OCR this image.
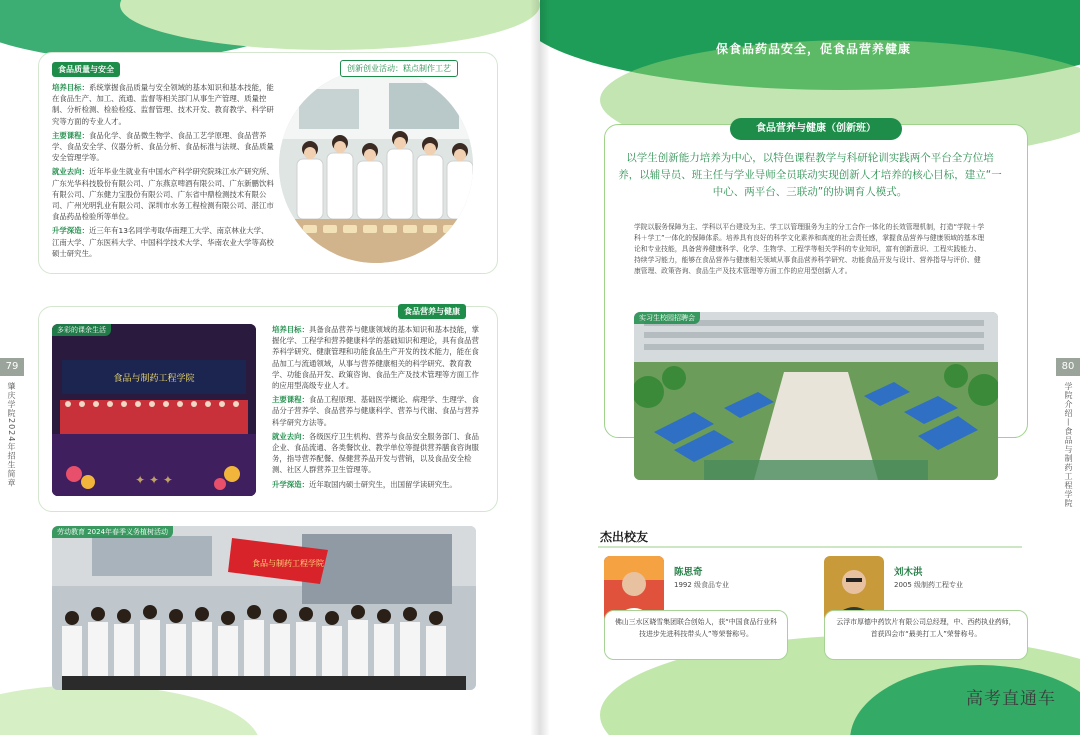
79
肇庆学院2024年招生简章
食品质量与安全

培养目标：系统掌握食品质量与安全领域的基本知识和基本技能，能在食品生产、加工、流通、监督等相关部门从事生产管理、质量控制、分析检测、检验检疫、监督管理、技术开发、教育教学、科学研究等方面的专业人才。

主要课程：食品化学、食品微生物学、食品工艺学原理、食品营养学、食品安全学、仪器分析、食品分析、食品标准与法规、食品质量安全管理学等。

就业去向：近年毕业生就业有中国水产科学研究院珠江水产研究所、广东光华科技股份有限公司、广东燕京啤酒有限公司、广东新鹏饮料有限公司、广东健力宝股份有限公司、广东省中鼎检测技术有限公司、广州光明乳业有限公司、深圳市水务工程检测有限公司、湛江市食品药品检验所等单位。

升学深造：近三年有13名同学考取华南理工大学、南京林业大学、江南大学、广东医科大学、中国科学技术大学、华南农业大学等高校硕士研究生。

创新创业活动：糕点制作工艺
食品营养与健康
食品与制药工程学院
✦ ✦ ✦
多彩的课余生活	培养目标：具备食品营养与健康领域的基本知识和基本技能，掌握化学、工程学和营养健康科学的基础知识和理论，具有食品营养科学研究、健康管理和功能食品生产开发的技术能力，能在食品加工与流通领域，从事与营养健康相关的科学研究、教育教学、功能食品开发、政策咨询、食品生产及技术管理等方面工作的应用型高级专业人才。

主要课程：食品工程原理、基础医学概论、病理学、生理学、食品分子营养学、食品营养与健康科学、营养与代谢、食品与营养科学研究方法等。

就业去向：各级医疗卫生机构、营养与食品安全服务部门、食品企业、食品流通、各类餐饮业、教学单位等提供营养膳食咨询服务，指导营养配餐、保健营养品开发与营销，以及食品安全检测、社区人群营养卫生管理等。

升学深造：近年取国内硕士研究生，出国留学读研究生。

食品与制药工程学院
劳动教育 2024年春季义务植树活动
保食品药品安全，促食品营养健康
80
学院介绍—食品与制药工程学院
食品营养与健康（创新班）
以学生创新能力培养为中心，以特色课程教学与科研轮训实践两个平台全方位培养，以辅导员、班主任与学业导师全员联动实现创新人才培养的核心目标，建立“一中心、两平台、三联动”的协调育人模式。
学院以服务保障为主、学科以平台建设为主、学工以管理服务为主的分工合作一体化的长效管理机制，打造“学院＋学科＋学工”一体化的保障体系。培养具有良好的科学文化素养和高度的社会责任感，掌握食品营养与健康领域的基本理论和专业技能，具备营养健康科学、化学、生物学、工程学等相关学科的专业知识，富有创新意识、工程实践能力、持续学习能力，能够在食品营养与健康相关领域从事食品营养科学研究、功能食品开发与设计、营养指导与评价、健康管理、政策咨询、食品生产及技术管理等方面工作的应用型创新人才。
实习生校园招聘会
杰出校友
陈思奇
1992 级食品专业
佛山三水区晓雪集团联合创始人，获“中国食品行业科技进步先进科技带头人”等荣誉称号。
刘木洪
2005 级制药工程专业
云浮市厚德中药饮片有限公司总经理，中、西药执业药师，首获四会市“最美打工人”荣誉称号。
高考直通车
